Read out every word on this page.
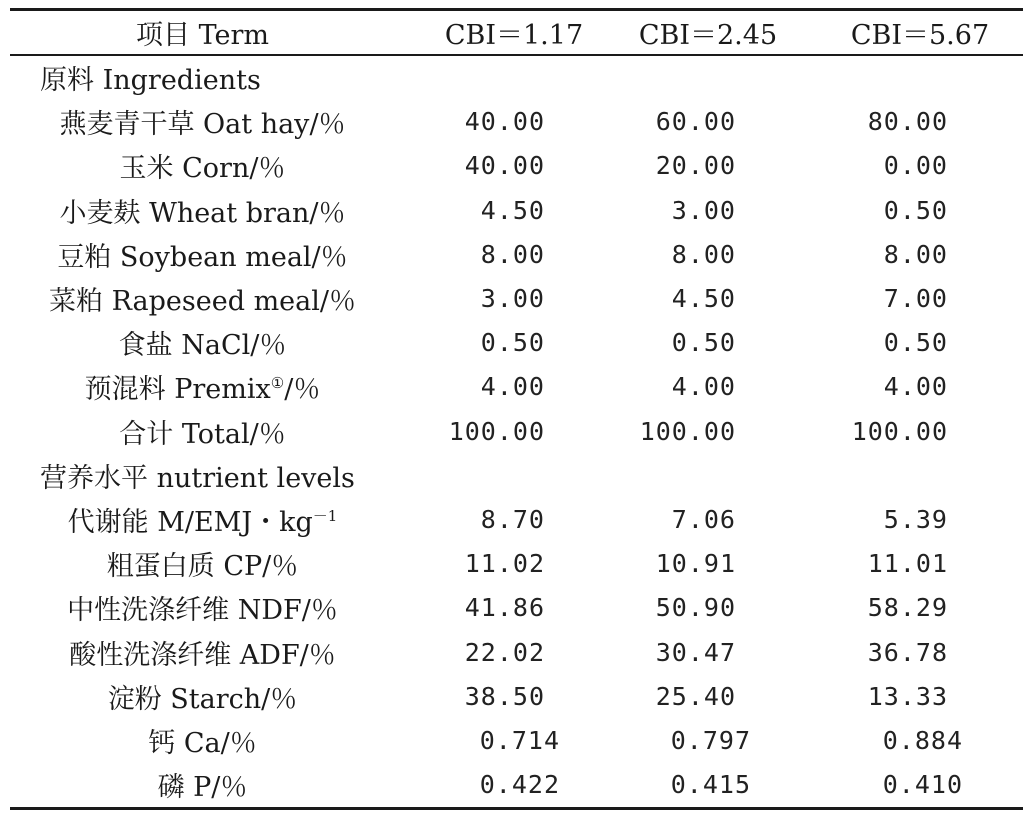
项目 Term	CBI＝1.17	CBI＝2.45	CBI＝5.67
原料 Ingredients
燕麦青干草 Oat hay/％	40.00	60.00	80.00
玉米 Corn/％	40.00	20.00	0.00
小麦麸 Wheat bran/％	4.50	3.00	0.50
豆粕 Soybean meal/％	8.00	8.00	8.00
菜粕 Rapeseed meal/％	3.00	4.50	7.00
食盐 NaCl/％	0.50	0.50	0.50
预混料 Premix① /％	4.00	4.00	4.00
合计 Total/％	100.00	100.00	100.00
营养水平 nutrient levels
代谢能 M/EMJ・$kg^{-1}$	8.70	7.06	5.39
粗蛋白质 CP/％	11.02	10.91	11.01
中性洗涤纤维 NDF/％	41.86	50.90	58.29
酸性洗涤纤维 ADF/％	22.02	30.47	36.78
淀粉 Starch/％	38.50	25.40	13.33
钙 Ca/％	0.714	0.797	0.884
磷 P/％	0.422	0.415	0.410
